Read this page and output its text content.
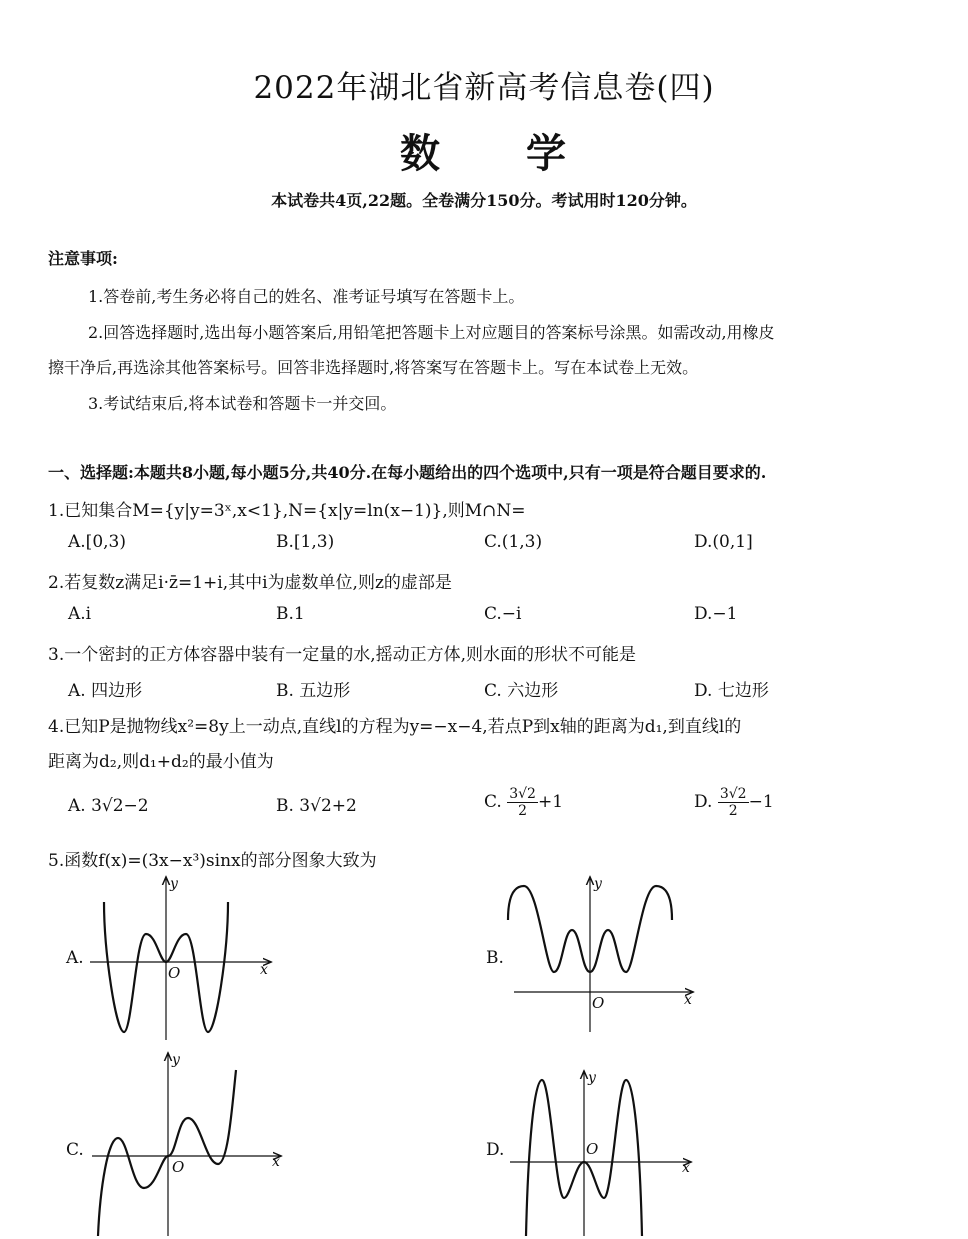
2022年湖北省新高考信息卷(四)
数　　学
本试卷共4页,22题。全卷满分150分。考试用时120分钟。
注意事项:
1.答卷前,考生务必将自己的姓名、准考证号填写在答题卡上。
2.回答选择题时,选出每小题答案后,用铅笔把答题卡上对应题目的答案标号涂黑。如需改动,用橡皮
擦干净后,再选涂其他答案标号。回答非选择题时,将答案写在答题卡上。写在本试卷上无效。
3.考试结束后,将本试卷和答题卡一并交回。
一、选择题:本题共8小题,每小题5分,共40分.在每小题给出的四个选项中,只有一项是符合题目要求的.
1.已知集合M={y|y=3ˣ,x<1},N={x|y=ln(x−1)},则M∩N=
A.[0,3)	B.[1,3)	C.(1,3)	D.(0,1]
2.若复数z满足i·z̄=1+i,其中i为虚数单位,则z的虚部是
A.i	B.1	C.−i	D.−1
3.一个密封的正方体容器中装有一定量的水,摇动正方体,则水面的形状不可能是
A. 四边形	B. 五边形	C. 六边形	D. 七边形
4.已知P是抛物线x²=8y上一动点,直线l的方程为y=−x−4,若点P到x轴的距离为d₁,到直线l的
距离为d₂,则d₁+d₂的最小值为
A. 3√2−2	B. 3√2+2	C. $\frac{3√2}{2} +1$	D. $\frac{3√2}{2} -1$
5.函数f(x)=(3x−x³)sinx的部分图象大致为
A.
x
y
O
B.
x
y
O
C.
x
y
O
D.
x
y
O
